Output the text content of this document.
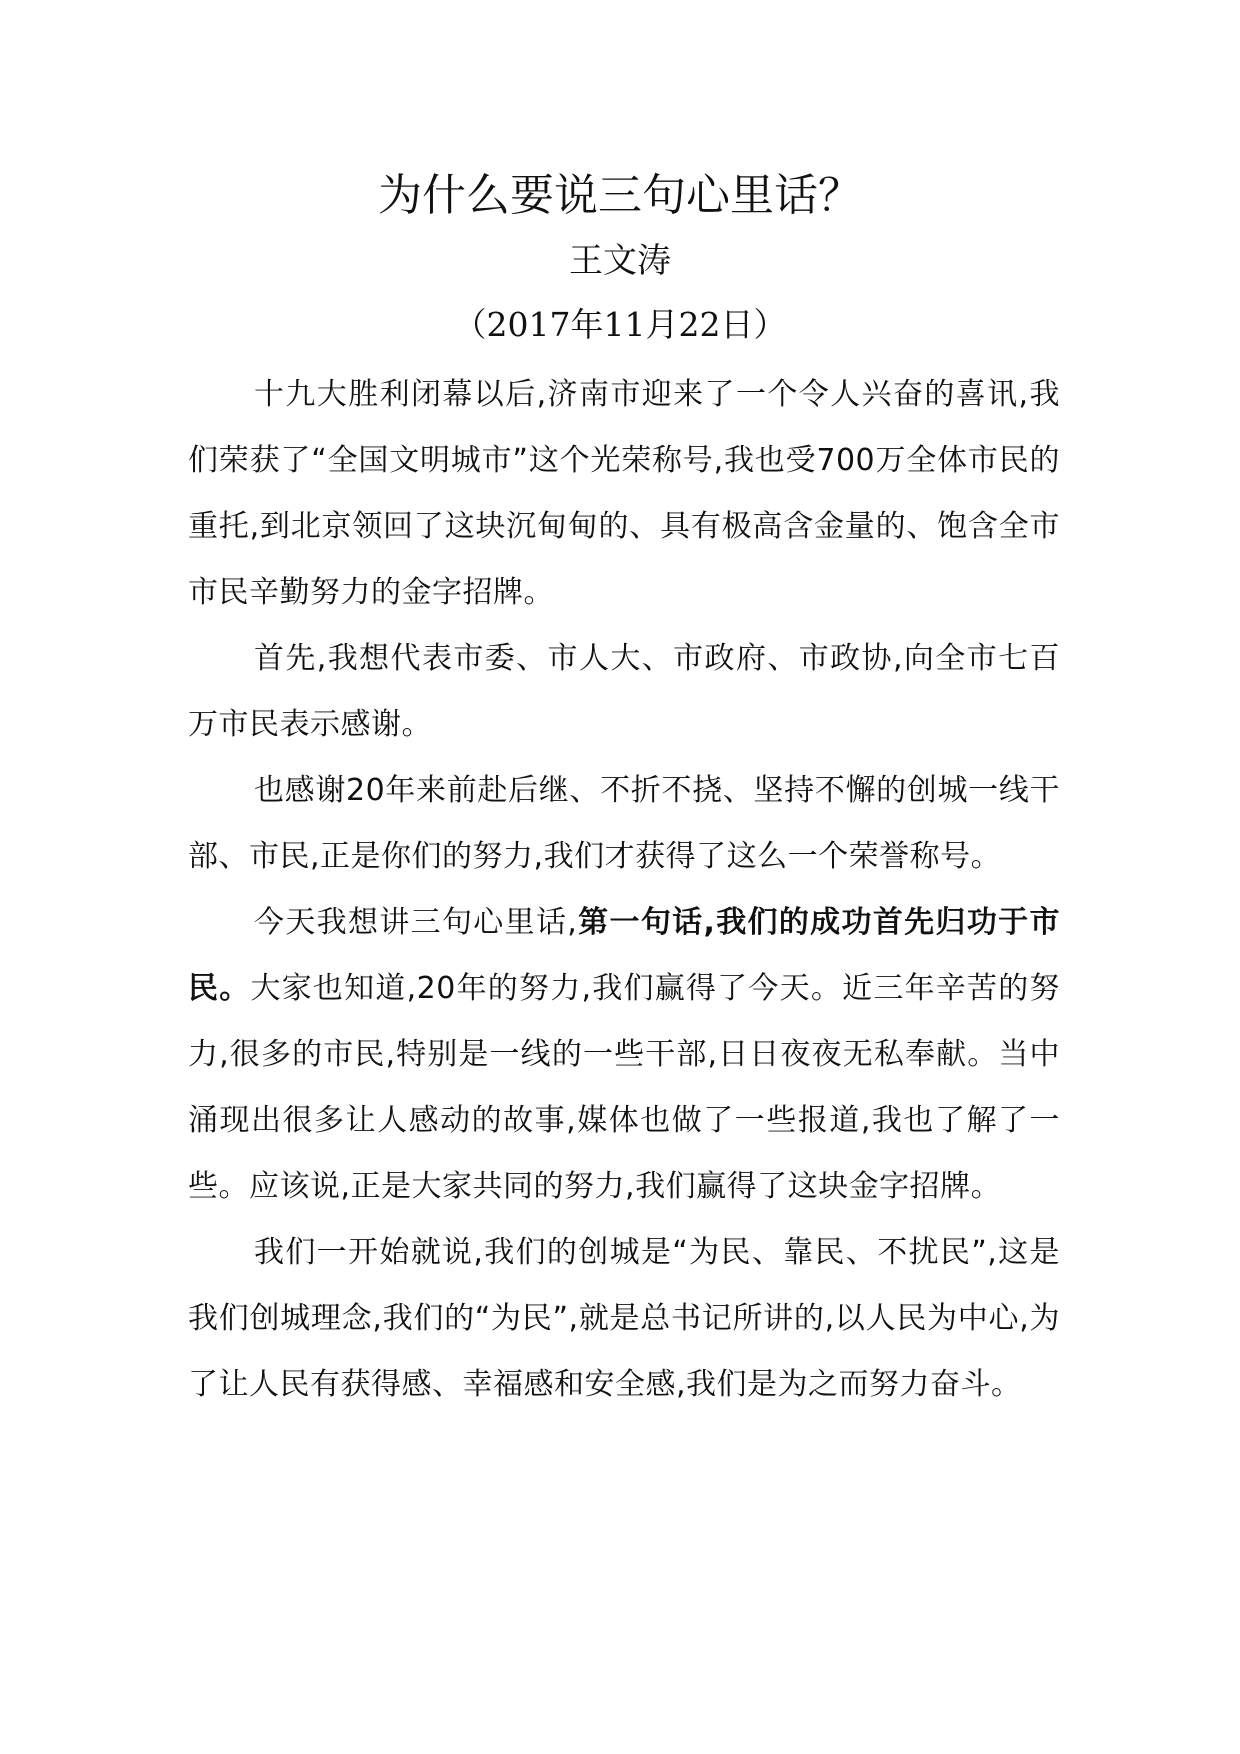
为什么要说三句心里话？

王文涛

（2017年11月22日）

十九大胜利闭幕以后,济南市迎来了一个令人兴奋的喜讯,我们荣获了“全国文明城市”这个光荣称号,我也受700万全体市民的重托,到北京领回了这块沉甸甸的、具有极高含金量的、饱含全市市民辛勤努力的金字招牌。

首先,我想代表市委、市人大、市政府、市政协,向全市七百万市民表示感谢。

也感谢20年来前赴后继、不折不挠、坚持不懈的创城一线干部、市民,正是你们的努力,我们才获得了这么一个荣誉称号。

今天我想讲三句心里话,第一句话,我们的成功首先归功于市民。大家也知道,20年的努力,我们赢得了今天。近三年辛苦的努力,很多的市民,特别是一线的一些干部,日日夜夜无私奉献。当中涌现出很多让人感动的故事,媒体也做了一些报道,我也了解了一些。应该说,正是大家共同的努力,我们赢得了这块金字招牌。

我们一开始就说,我们的创城是“为民、靠民、不扰民”,这是我们创城理念,我们的“为民”,就是总书记所讲的,以人民为中心,为了让人民有获得感、幸福感和安全感,我们是为之而努力奋斗。
